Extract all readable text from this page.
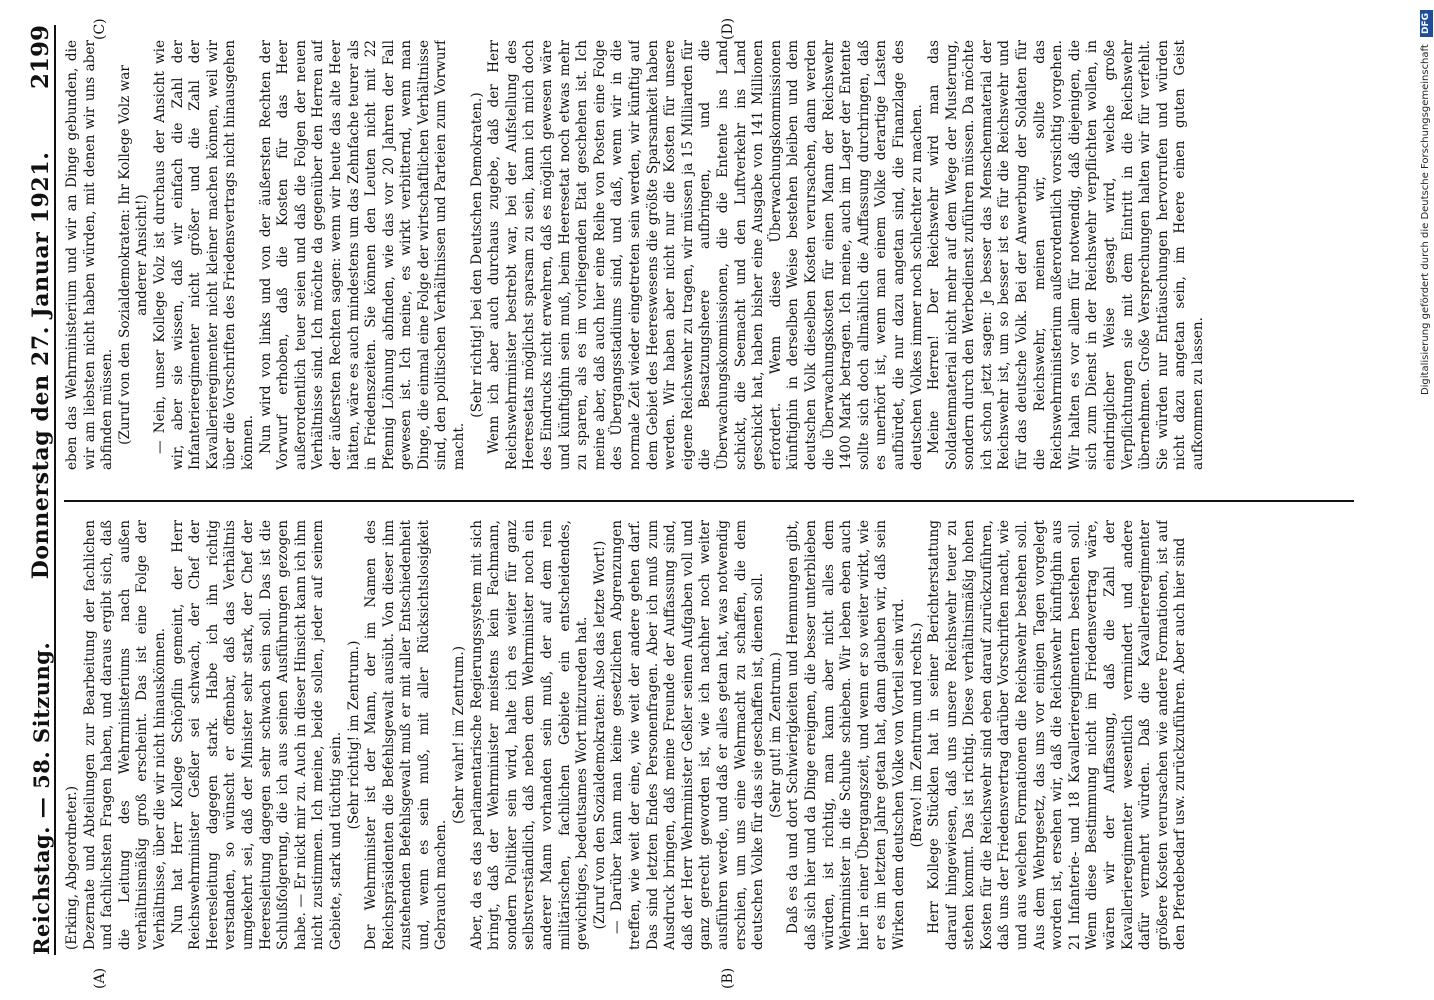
Reichstag. — 58. Sitzung.
Donnerstag den 27. Januar 1921.
2199
(A)	(B)
(C)	(D)

(Erking, Abgeordneter.) Dezernate und Abteilungen zur Bearbeitung der fachlichen und fachlichsten Fragen haben, und daraus ergibt sich, daß die Leitung des Wehrministeriums nach außen verhältnismäßig groß erscheint. Das ist eine Folge der Verhältnisse, über die wir nicht hinauskönnen. Nun hat Herr Kollege Schöpflin gemeint, der Herr Reichswehrminister Geßler sei schwach, der Chef der Heeresleitung dagegen stark. Habe ich ihn richtig verstanden, so wünscht er offenbar, daß das Verhältnis umgekehrt sei, daß der Minister sehr stark, der Chef der Heeresleitung dagegen sehr schwach sein soll. Das ist die Schlußfolgerung, die ich aus seinen Ausführungen gezogen habe. — Er nickt mir zu. Auch in dieser Hinsicht kann ich ihm nicht zustimmen. Ich meine, beide sollen, jeder auf seinem Gebiete, stark und tüchtig sein. (Sehr richtig! im Zentrum.) Der Wehrminister ist der Mann, der im Namen des Reichspräsidenten die Befehlsgewalt ausübt. Von dieser ihm zustehenden Befehlsgewalt muß er mit aller Entschiedenheit und, wenn es sein muß, mit aller Rücksichtslosigkeit Gebrauch machen.

(Sehr wahr! im Zentrum.) Aber, da es das parlamentarische Regierungssystem mit sich bringt, daß der Wehrminister meistens kein Fachmann, sondern Politiker sein wird, halte ich es weiter für ganz selbstverständlich, daß neben dem Wehrminister noch ein anderer Mann vorhanden sein muß, der auf dem rein militärischen, fachlichen Gebiete ein entscheidendes, gewichtiges, bedeutsames Wort mitzureden hat. (Zuruf von den Sozialdemokraten: Also das letzte Wort!) — Darüber kann man keine gesetzlichen Abgrenzungen treffen, wie weit der eine, wie weit der andere gehen darf. Das sind letzten Endes Personenfragen. Aber ich muß zum Ausdruck bringen, daß meine Freunde der Auffassung sind, daß der Herr Wehrminister Geßler seinen Aufgaben voll und ganz gerecht geworden ist, wie ich nachher noch weiter ausführen werde, und daß er alles getan hat, was notwendig erschien, um uns eine Wehrmacht zu schaffen, die dem deutschen Volke für das sie geschaffen ist, dienen soll. (Sehr gut! im Zentrum.) Daß es da und dort Schwierigkeiten und Hemmungen gibt, daß sich hier und da Dinge ereignen, die besser unterblieben würden, ist richtig, man kann aber nicht alles dem Wehrminister in die Schuhe schieben. Wir leben eben auch hier in einer Übergangszeit, und wenn er so weiter wirkt, wie er es im letzten Jahre getan hat, dann glauben wir, daß sein Wirken dem deutschen Volke von Vorteil sein wird. (Bravo! im Zentrum und rechts.) Herr Kollege Stücklen hat in seiner Berichterstattung darauf hingewiesen, daß uns unsere Reichswehr teuer zu stehen kommt. Das ist richtig. Diese verhältnismäßig hohen Kosten für die Reichswehr sind eben darauf zurückzuführen, daß uns der Friedensvertrag darüber Vorschriften macht, wie und aus welchen Formationen die Reichswehr bestehen soll. Aus dem Wehrgesetz, das uns vor einigen Tagen vorgelegt worden ist, ersehen wir, daß die Reichswehr künftighin aus 21 Infanterie- und 18 Kavallerieregimentern bestehen soll. Wenn diese Bestimmung nicht im Friedensvertrag wäre, wären wir der Auffassung, daß die Zahl der Kavallerieregimenter wesentlich vermindert und andere dafür vermehrt würden. Daß die Kavallerieregimenter größere Kosten verursachen wie andere Formationen, ist auf den Pferdebedarf usw. zurückzuführen. Aber auch hier sind

eben das Wehrministerium und wir an Dinge gebunden, die wir am liebsten nicht haben würden, mit denen wir uns aber abfinden müssen. (Zuruf von den Sozialdemokraten: Ihr Kollege Volz war anderer Ansicht!) — Nein, unser Kollege Volz ist durchaus der Ansicht wie wir, aber sie wissen, daß wir einfach die Zahl der Infanterieregimenter nicht größer und die Zahl der Kavallerieregimenter nicht kleiner machen können, weil wir über die Vorschriften des Friedensvertrags nicht hinausgehen können. Nun wird von links und von der äußersten Rechten der Vorwurf erhoben, daß die Kosten für das Heer außerordentlich teuer seien und daß die Folgen der neuen Verhältnisse sind. Ich möchte da gegenüber den Herren auf der äußersten Rechten sagen: wenn wir heute das alte Heer hätten, wäre es auch mindestens um das Zehnfache teurer als in Friedenszeiten. Sie können den Leuten nicht mit 22 Pfennig Löhnung abfinden, wie das vor 20 Jahren der Fall gewesen ist. Ich meine, es wirkt verbitternd, wenn man Dinge, die einmal eine Folge der wirtschaftlichen Verhältnisse sind, den politischen Verhältnissen und Parteien zum Vorwurf macht.

(Sehr richtig! bei den Deutschen Demokraten.) Wenn ich aber auch durchaus zugebe, daß der Herr Reichswehrminister bestrebt war, bei der Aufstellung des Heeresetats möglichst sparsam zu sein, kann ich mich doch des Eindrucks nicht erwehren, daß es möglich gewesen wäre und künftighin sein muß, beim Heeresetat noch etwas mehr zu sparen, als es im vorliegenden Etat geschehen ist. Ich meine aber, daß auch hier eine Reihe von Posten eine Folge des Übergangsstadiums sind, und daß, wenn wir in die normale Zeit wieder eingetreten sein werden, wir künftig auf dem Gebiet des Heereswesens die größte Sparsamkeit haben werden. Wir haben aber nicht nur die Kosten für unsere eigene Reichswehr zu tragen, wir müssen ja 15 Milliarden für die Besatzungsheere aufbringen, und die Überwachungskommissionen, die die Entente ins Land schickt, die Seemacht und den Luftverkehr ins Land geschickt hat, haben bisher eine Ausgabe von 141 Millionen erfordert. Wenn diese Überwachungskommissionen künftighin in derselben Weise bestehen bleiben und dem deutschen Volk dieselben Kosten verursachen, dann werden die Überwachungskosten für einen Mann der Reichswehr 1400 Mark betragen. Ich meine, auch im Lager der Entente sollte sich doch allmählich die Auffassung durchringen, daß es unerhört ist, wenn man einem Volke derartige Lasten aufbürdet, die nur dazu angetan sind, die Finanzlage des deutschen Volkes immer noch schlechter zu machen. Meine Herren! Der Reichswehr wird man das Soldatenmaterial nicht mehr auf dem Wege der Musterung, sondern durch den Werbedienst zuführen müssen. Da möchte ich schon jetzt sagen: Je besser das Menschenmaterial der Reichswehr ist, um so besser ist es für die Reichswehr und für das deutsche Volk. Bei der Anwerbung der Soldaten für die Reichswehr, meinen wir, sollte das Reichswehrministerium außerordentlich vorsichtig vorgehen. Wir halten es vor allem für notwendig, daß diejenigen, die sich zum Dienst in der Reichswehr verpflichten wollen, in eindringlicher Weise gesagt wird, welche große Verpflichtungen sie mit dem Eintritt in die Reichswehr übernehmen. Große Versprechungen halten wir für verfehlt. Sie würden nur Enttäuschungen hervorrufen und würden nicht dazu angetan sein, im Heere einen guten Geist aufkommen zu lassen.	Digitalisierung gefördert durch die Deutsche Forschungsgemeinschaft DFG
